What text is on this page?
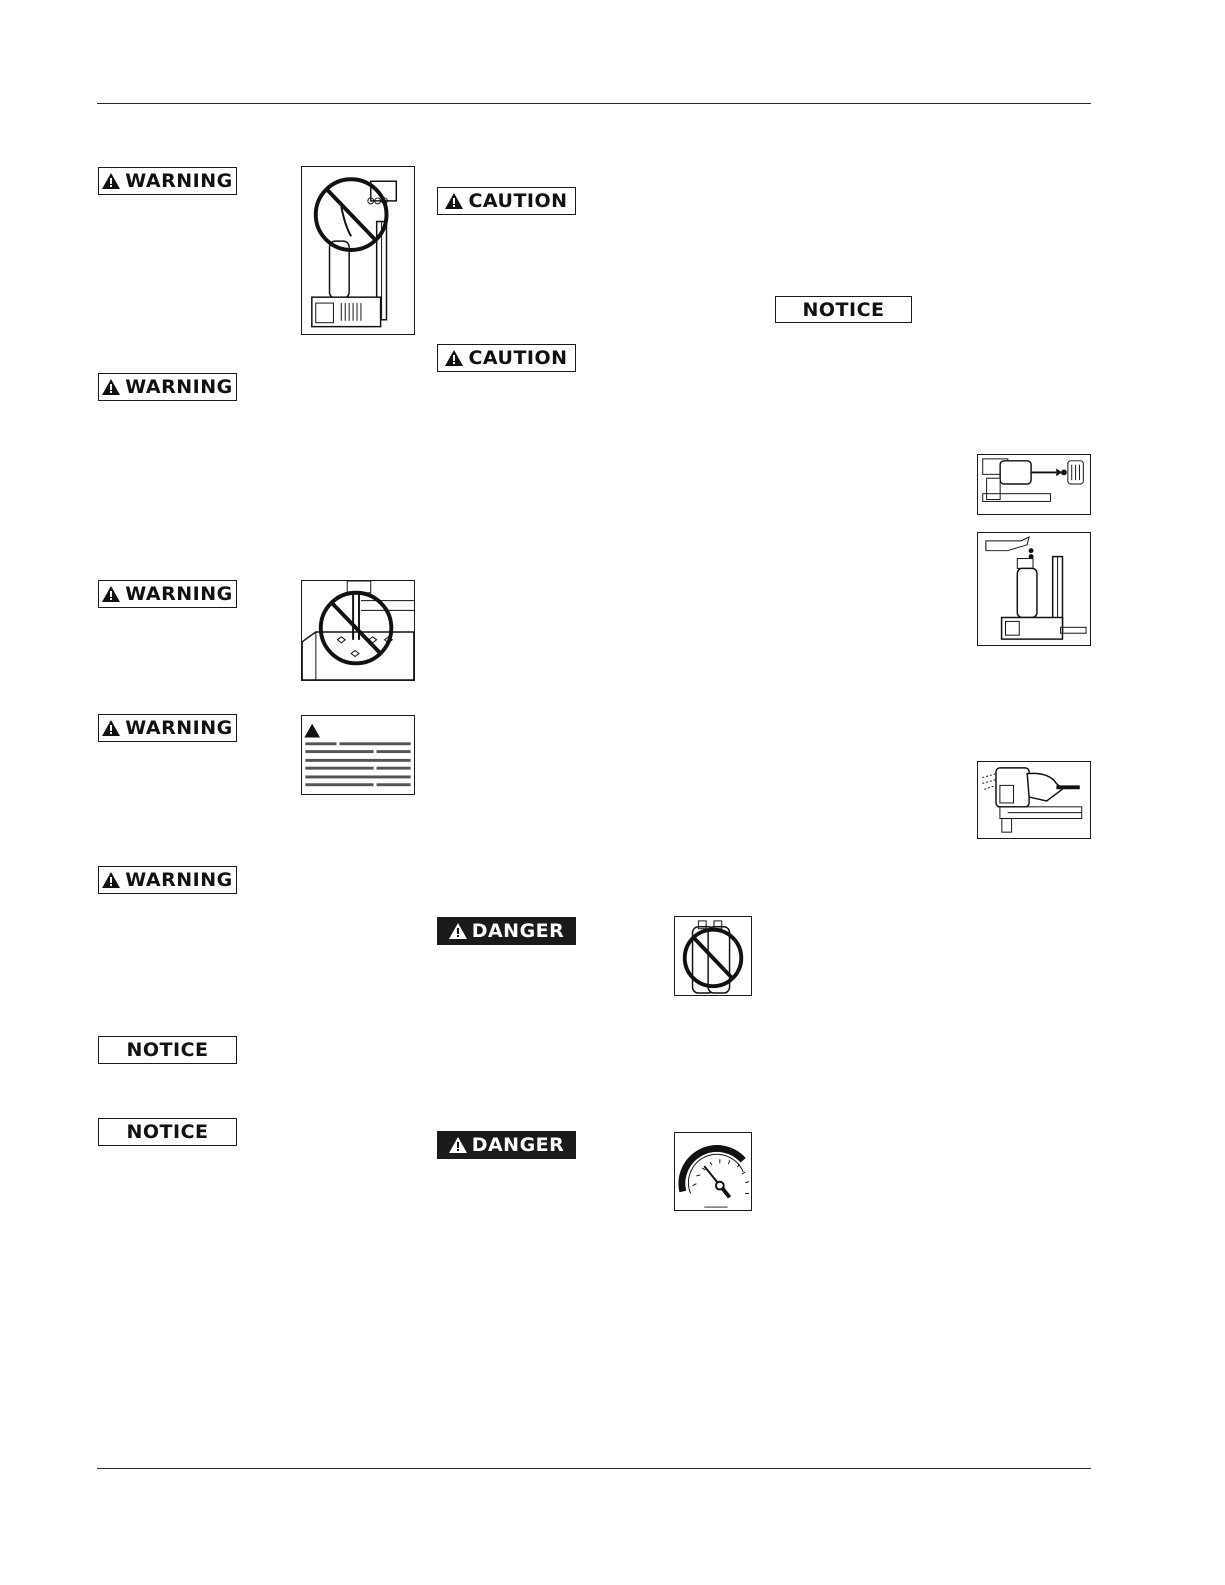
WARNING
WARNING
WARNING
WARNING
WARNING
NOTICE
NOTICE
CAUTION
CAUTION
DANGER
DANGER
NOTICE
